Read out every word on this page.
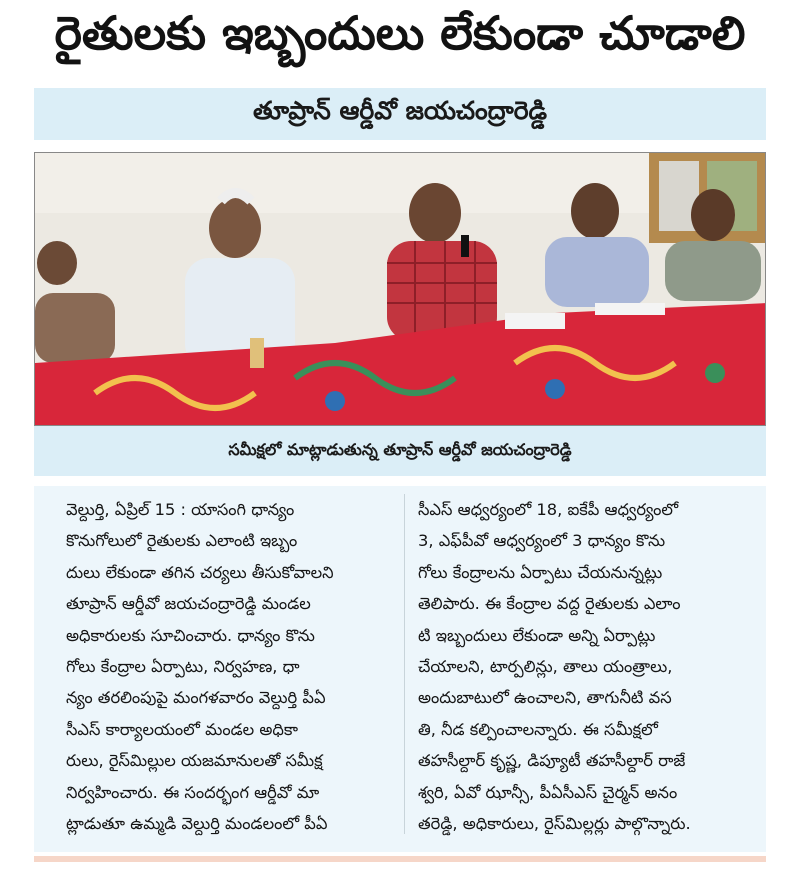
రైతులకు ఇబ్బందులు లేకుండా చూడాలి
తూప్రాన్ ఆర్డీవో జయచంద్రారెడ్డి
సమీక్షలో మాట్లాడుతున్న తూప్రాన్ ఆర్డీవో జయచంద్రారెడ్డి
వెల్దుర్తి, ఏప్రిల్ 15 : యాసంగి ధాన్యం
కొనుగోలులో రైతులకు ఎలాంటి ఇబ్బం
దులు లేకుండా తగిన చర్యలు తీసుకోవాలని
తూప్రాన్ ఆర్డీవో జయచంద్రారెడ్డి మండల
అధికారులకు సూచించారు. ధాన్యం కొను
గోలు కేంద్రాల ఏర్పాటు, నిర్వహణ, ధా
న్యం తరలింపుపై మంగళవారం వెల్దుర్తి పీఏ
సీఎస్ కార్యాలయంలో మండల అధికా
రులు, రైస్‌మిల్లుల యజమానులతో సమీక్ష
నిర్వహించారు. ఈ సందర్భంగ ఆర్డీవో మా
ట్లాడుతూ ఉమ్మడి వెల్దుర్తి మండలంలో పీఏ
సీఎస్ ఆధ్వర్యంలో 18, ఐకేపీ ఆధ్వర్యంలో
3, ఎఫ్‌పీవో ఆధ్వర్యంలో 3 ధాన్యం కొను
గోలు కేంద్రాలను ఏర్పాటు చేయనున్నట్లు
తెలిపారు. ఈ కేంద్రాల వద్ద రైతులకు ఎలాం
టి ఇబ్బందులు లేకుండా అన్ని ఏర్పాట్లు
చేయాలని, టార్పలిన్లు, తాలు యంత్రాలు,
అందుబాటులో ఉంచాలని, తాగునీటి వస
తి, నీడ కల్పించాలన్నారు. ఈ సమీక్షలో
తహసీల్దార్ కృష్ణ, డిప్యూటీ తహసీల్దార్ రాజే
శ్వరి, ఏవో ఝాన్సీ, పీఏసీఎస్ చైర్మన్ అనం
తరెడ్డి, అధికారులు, రైస్‌మిల్లర్లు పాల్గొన్నారు.
